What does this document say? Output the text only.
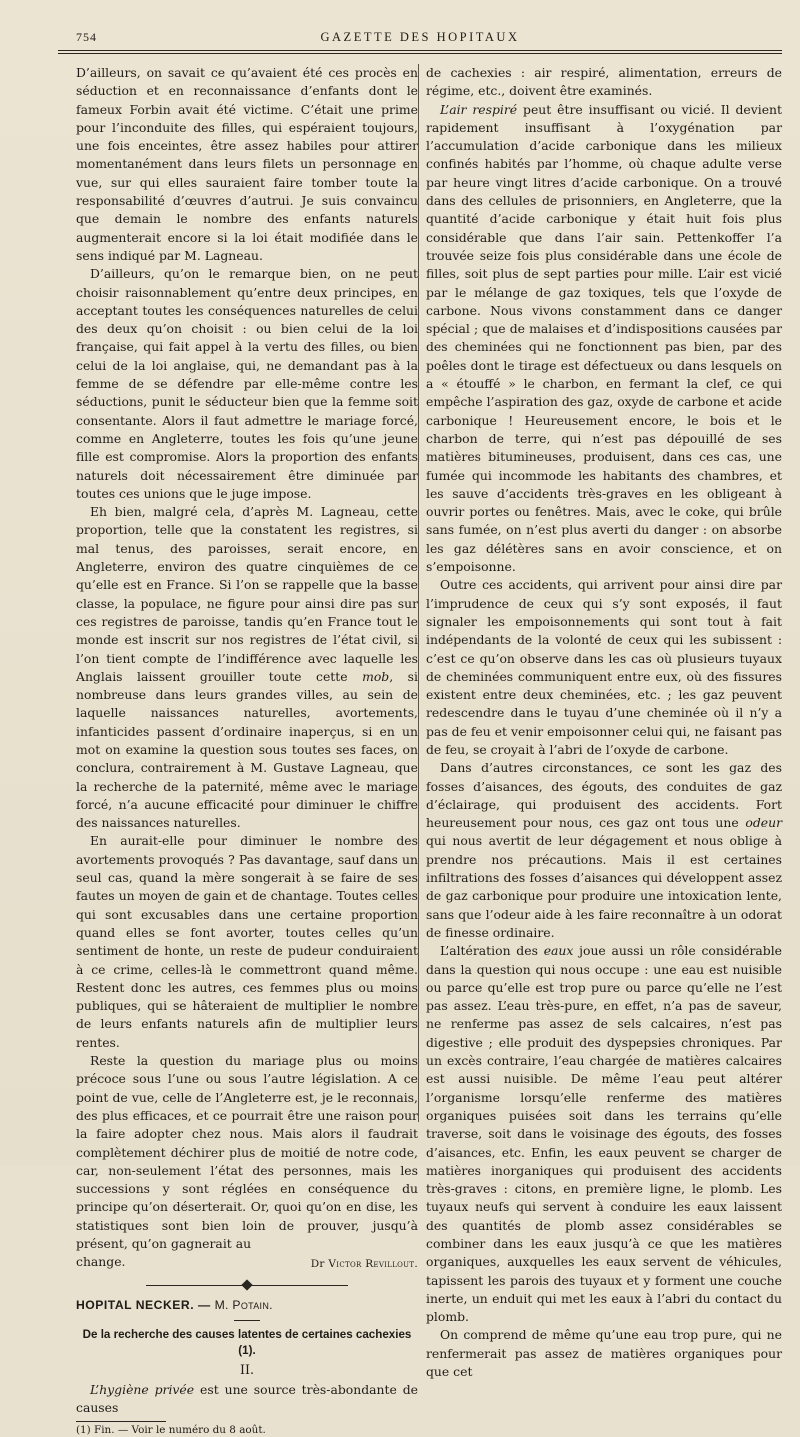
754	GAZETTE DES HOPITAUX

D’ailleurs, on savait ce qu’avaient été ces procès en séduction et en reconnaissance d’enfants dont le fameux Forbin avait été victime. C’était une prime pour l’inconduite des filles, qui espéraient toujours, une fois enceintes, être assez habiles pour attirer momentanément dans leurs filets un personnage en vue, sur qui elles sauraient faire tomber toute la responsabilité d’œuvres d’autrui. Je suis convaincu que demain le nombre des enfants naturels augmenterait encore si la loi était modifiée dans le sens indiqué par M. Lagneau.

D’ailleurs, qu’on le remarque bien, on ne peut choisir raisonnablement qu’entre deux principes, en acceptant toutes les conséquences naturelles de celui des deux qu’on choisit : ou bien celui de la loi française, qui fait appel à la vertu des filles, ou bien celui de la loi anglaise, qui, ne demandant pas à la femme de se défendre par elle-même contre les séductions, punit le séducteur bien que la femme soit consentante. Alors il faut admettre le mariage forcé, comme en Angleterre, toutes les fois qu’une jeune fille est compromise. Alors la proportion des enfants naturels doit nécessairement être diminuée par toutes ces unions que le juge impose.

Eh bien, malgré cela, d’après M. Lagneau, cette proportion, telle que la constatent les registres, si mal tenus, des paroisses, serait encore, en Angleterre, environ des quatre cinquièmes de ce qu’elle est en France. Si l’on se rappelle que la basse classe, la populace, ne figure pour ainsi dire pas sur ces registres de paroisse, tandis qu’en France tout le monde est inscrit sur nos registres de l’état civil, si l’on tient compte de l’indifférence avec laquelle les Anglais laissent grouiller toute cette mob, si nombreuse dans leurs grandes villes, au sein de laquelle naissances naturelles, avortements, infanticides passent d’ordinaire inaperçus, si en un mot on examine la question sous toutes ses faces, on conclura, contrairement à M. Gustave Lagneau, que la recherche de la paternité, même avec le mariage forcé, n’a aucune efficacité pour diminuer le chiffre des naissances naturelles.

En aurait-elle pour diminuer le nombre des avortements provoqués ? Pas davantage, sauf dans un seul cas, quand la mère songerait à se faire de ses fautes un moyen de gain et de chantage. Toutes celles qui sont excusables dans une certaine proportion quand elles se font avorter, toutes celles qu’un sentiment de honte, un reste de pudeur conduiraient à ce crime, celles-là le commettront quand même. Restent donc les autres, ces femmes plus ou moins publiques, qui se hâteraient de multiplier le nombre de leurs enfants naturels afin de multiplier leurs rentes.

Reste la question du mariage plus ou moins précoce sous l’une ou sous l’autre législation. A ce point de vue, celle de l’Angleterre est, je le reconnais, des plus efficaces, et ce pourrait être une raison pour la faire adopter chez nous. Mais alors il faudrait complètement déchirer plus de moitié de notre code, car, non-seulement l’état des personnes, mais les successions y sont réglées en conséquence du principe qu’on déserterait. Or, quoi qu’on en dise, les statistiques sont bien loin de prouver, jusqu’à présent, qu’on gagnerait au

change.	Dr Victor Revillout.

HOPITAL NECKER. — M. Potain.

De la recherche des causes latentes de certaines cachexies (1).

II.

L’hygiène privée est une source très-abondante de causes

(1) Fin. — Voir le numéro du 8 août.

de cachexies : air respiré, alimentation, erreurs de régime, etc., doivent être examinés.

L’air respiré peut être insuffisant ou vicié. Il devient rapidement insuffisant à l’oxygénation par l’accumulation d’acide carbonique dans les milieux confinés habités par l’homme, où chaque adulte verse par heure vingt litres d’acide carbonique. On a trouvé dans des cellules de prisonniers, en Angleterre, que la quantité d’acide carbonique y était huit fois plus considérable que dans l’air sain. Pettenkoffer l’a trouvée seize fois plus considérable dans une école de filles, soit plus de sept parties pour mille. L’air est vicié par le mélange de gaz toxiques, tels que l’oxyde de carbone. Nous vivons constamment dans ce danger spécial ; que de malaises et d’indispositions causées par des cheminées qui ne fonctionnent pas bien, par des poêles dont le tirage est défectueux ou dans lesquels on a « étouffé » le charbon, en fermant la clef, ce qui empêche l’aspiration des gaz, oxyde de carbone et acide carbonique ! Heureusement encore, le bois et le charbon de terre, qui n’est pas dépouillé de ses matières bitumineuses, produisent, dans ces cas, une fumée qui incommode les habitants des chambres, et les sauve d’accidents très-graves en les obligeant à ouvrir portes ou fenêtres. Mais, avec le coke, qui brûle sans fumée, on n’est plus averti du danger : on absorbe les gaz délétères sans en avoir conscience, et on s’empoisonne.

Outre ces accidents, qui arrivent pour ainsi dire par l’imprudence de ceux qui s’y sont exposés, il faut signaler les empoisonnements qui sont tout à fait indépendants de la volonté de ceux qui les subissent : c’est ce qu’on observe dans les cas où plusieurs tuyaux de cheminées communiquent entre eux, où des fissures existent entre deux cheminées, etc. ; les gaz peuvent redescendre dans le tuyau d’une cheminée où il n’y a pas de feu et venir empoisonner celui qui, ne faisant pas de feu, se croyait à l’abri de l’oxyde de carbone.

Dans d’autres circonstances, ce sont les gaz des fosses d’aisances, des égouts, des conduites de gaz d’éclairage, qui produisent des accidents. Fort heureusement pour nous, ces gaz ont tous une odeur qui nous avertit de leur dégagement et nous oblige à prendre nos précautions. Mais il est certaines infiltrations des fosses d’aisances qui développent assez de gaz carbonique pour produire une intoxication lente, sans que l’odeur aide à les faire reconnaître à un odorat de finesse ordinaire.

L’altération des eaux joue aussi un rôle considérable dans la question qui nous occupe : une eau est nuisible ou parce qu’elle est trop pure ou parce qu’elle ne l’est pas assez. L’eau très-pure, en effet, n’a pas de saveur, ne renferme pas assez de sels calcaires, n’est pas digestive ; elle produit des dyspepsies chroniques. Par un excès contraire, l’eau chargée de matières calcaires est aussi nuisible. De même l’eau peut altérer l’organisme lorsqu’elle renferme des matières organiques puisées soit dans les terrains qu’elle traverse, soit dans le voisinage des égouts, des fosses d’aisances, etc. Enfin, les eaux peuvent se charger de matières inorganiques qui produisent des accidents très-graves : citons, en première ligne, le plomb. Les tuyaux neufs qui servent à conduire les eaux laissent des quantités de plomb assez considérables se combiner dans les eaux jusqu’à ce que les matières organiques, auxquelles les eaux servent de véhicules, tapissent les parois des tuyaux et y forment une couche inerte, un enduit qui met les eaux à l’abri du contact du plomb.

On comprend de même qu’une eau trop pure, qui ne renfermerait pas assez de matières organiques pour que cet
